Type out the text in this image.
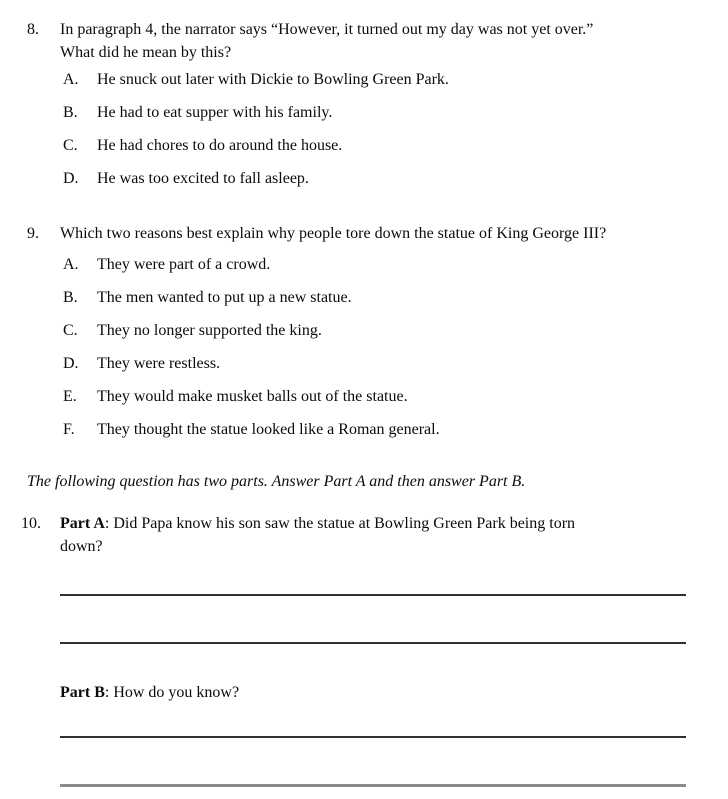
8. In paragraph 4, the narrator says “However, it turned out my day was not yet over.”
What did he mean by this?
A.	He snuck out later with Dickie to Bowling Green Park.
B.	He had to eat supper with his family.
C.	He had chores to do around the house.
D.	He was too excited to fall asleep.
9. Which two reasons best explain why people tore down the statue of King George III?
A.	They were part of a crowd.
B.	The men wanted to put up a new statue.
C.	They no longer supported the king.
D.	They were restless.
E.	They would make musket balls out of the statue.
F.	They thought the statue looked like a Roman general.
The following question has two parts. Answer Part A and then answer Part B.
10. Part A: Did Papa know his son saw the statue at Bowling Green Park being torn
down?
Part B: How do you know?
